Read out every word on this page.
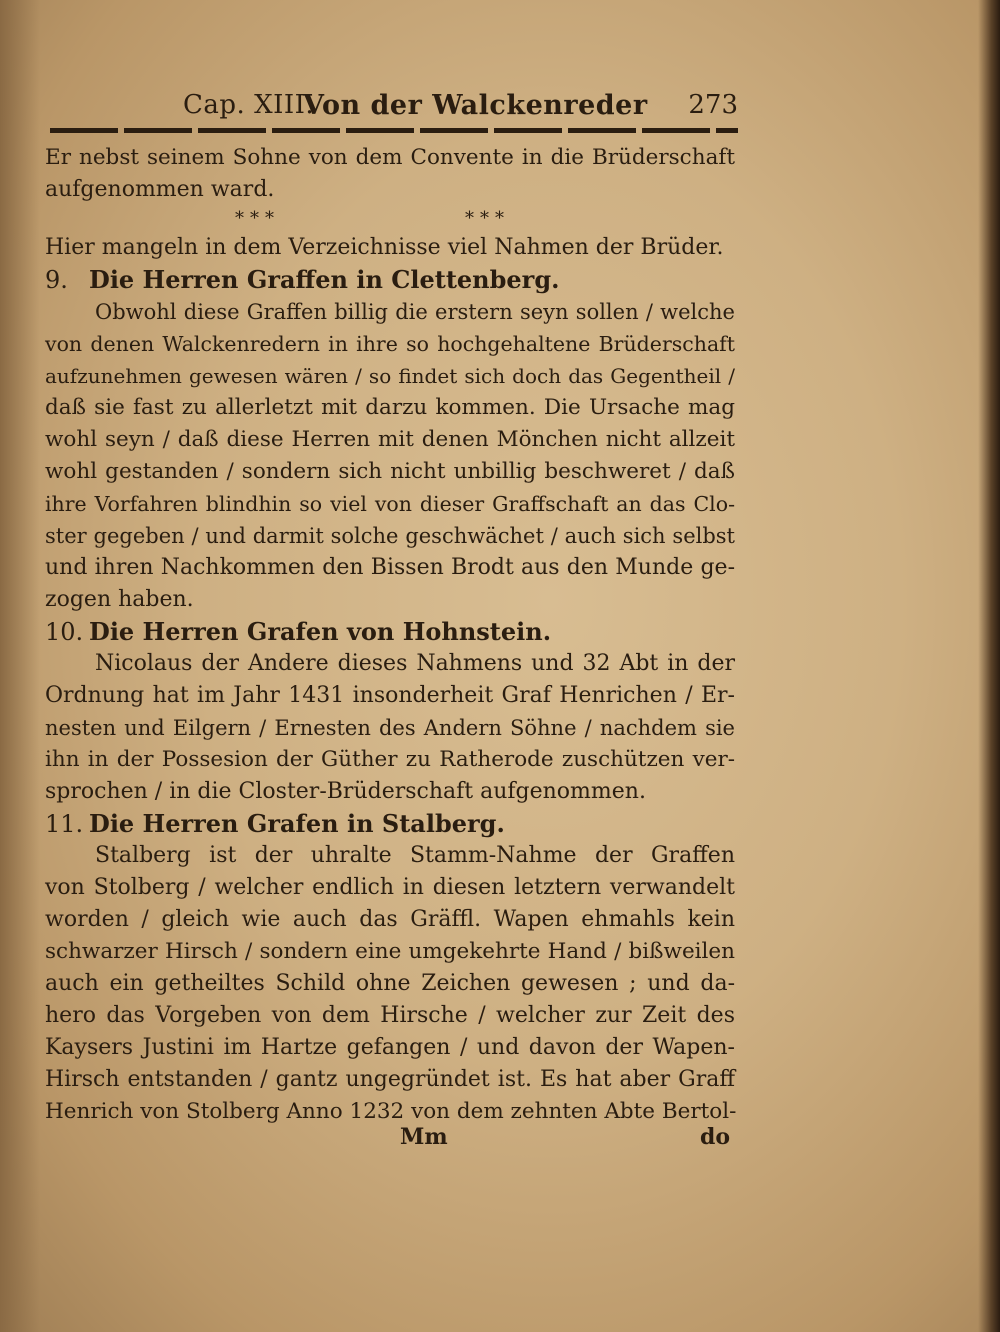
Cap. XIII.
Von der Walckenreder 273
Er nebst seinem Sohne von dem Convente in die Brüderschaft
aufgenommen ward.
***	***
Hier mangeln in dem Verzeichnisse viel Nahmen der Brüder.
9. Die Herren Graffen in Clettenberg.
Obwohl diese Graffen billig die erstern seyn sollen / welche
von denen Walckenredern in ihre so hochgehaltene Brüderschaft
aufzunehmen gewesen wären / so findet sich doch das Gegentheil /
daß sie fast zu allerletzt mit darzu kommen. Die Ursache mag
wohl seyn / daß diese Herren mit denen Mönchen nicht allzeit
wohl gestanden / sondern sich nicht unbillig beschweret / daß
ihre Vorfahren blindhin so viel von dieser Graffschaft an das Clo-
ster gegeben / und darmit solche geschwächet / auch sich selbst
und ihren Nachkommen den Bissen Brodt aus den Munde ge-
zogen haben.
10. Die Herren Grafen von Hohnstein.
Nicolaus der Andere dieses Nahmens und 32 Abt in der
Ordnung hat im Jahr 1431 insonderheit Graf Henrichen / Er-
nesten und Eilgern / Ernesten des Andern Söhne / nachdem sie
ihn in der Possesion der Güther zu Ratherode zuschützen ver-
sprochen / in die Closter-Brüderschaft aufgenommen.
11. Die Herren Grafen in Stalberg.
Stalberg ist der uhralte Stamm-Nahme der Graffen
von Stolberg / welcher endlich in diesen letztern verwandelt
worden / gleich wie auch das Gräffl. Wapen ehmahls kein
schwarzer Hirsch / sondern eine umgekehrte Hand / bißweilen
auch ein getheiltes Schild ohne Zeichen gewesen ; und da-
hero das Vorgeben von dem Hirsche / welcher zur Zeit des
Kaysers Justini im Hartze gefangen / und davon der Wapen-
Hirsch entstanden / gantz ungegründet ist. Es hat aber Graff
Henrich von Stolberg Anno 1232 von dem zehnten Abte Bertol-
Mm	do
